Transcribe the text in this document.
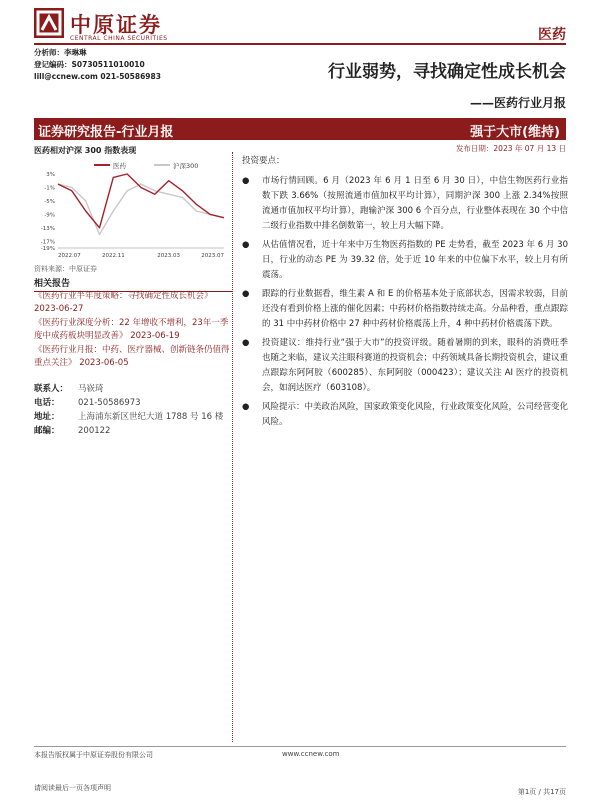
中原证券
CENTRAL CHINA SECURITIES	医药
分析师：李琳琳
登记编码：S0730511010010
lill@ccnew.com 021-50586983	行业弱势，寻找确定性成长机会
——医药行业月报
证券研究报告-行业月报	强于大市(维持)
发布日期：2023 年 07 月 13 日
医药相对沪深 300 指数表现
医药	沪深300
3%
-1%
-5%
-9%
-13%
-17%
-19%
2022.07	2022.11	2023.03	2023.07
资料来源：中原证券
相关报告

《医药行业半年度策略：寻找确定性成长机会》 2023-06-27

《医药行业深度分析：22 年增收不增利，23年一季度中成药板块明显改善》 2023-06-19

《医药行业月报：中药、医疗器械、创新链条仍值得重点关注》 2023-06-05

联系人：	马嵚琦
电话：	021-50586973
地址：	上海浦东新区世纪大道 1788 号 16 楼
邮编：	200122
投资要点：
●	市场行情回顾。6 月（2023 年 6 月 1 日至 6 月 30 日），中信生物医药行业指数下跌 3.66%（按照流通市值加权平均计算），同期沪深 300 上涨 2.34%按照流通市值加权平均计算），跑输沪深 300 6 个百分点，行业整体表现在 30 个中信二级行业指数中排名倒数第一，较上月大幅下降。
●	从估值情况看，近十年来中万生物医药指数的 PE 走势看，截至 2023 年 6 月 30 日，行业的动态 PE 为 39.32 倍，处于近 10 年来的中位偏下水平，较上月有所震荡。
●	跟踪的行业数据看，维生素 A 和 E 的价格基本处于底部状态，因需求较弱，目前还没有看到价格上涨的催化因素；中药材价格指数持续走高。分品种看，重点跟踪的 31 中中药材价格中 27 种中药材价格震荡上升，4 种中药材价格震荡下跌。
●	投资建议：维持行业“强于大市”的投资评级。随着暑期的到来，眼科的消费旺季也随之来临，建议关注眼科赛道的投资机会；中药领域具备长期投资机会，建议重点跟踪东阿阿胶（600285）、东阿阿胶（000423）；建议关注 AI 医疗的投资机会，如润达医疗（603108）。
●	风险提示：中美政治风险，国家政策变化风险，行业政策变化风险，公司经营变化风险。
本报告版权属于中原证券股份有限公司	www.ccnew.com
请阅读最后一页各项声明	第1页 / 共17页
